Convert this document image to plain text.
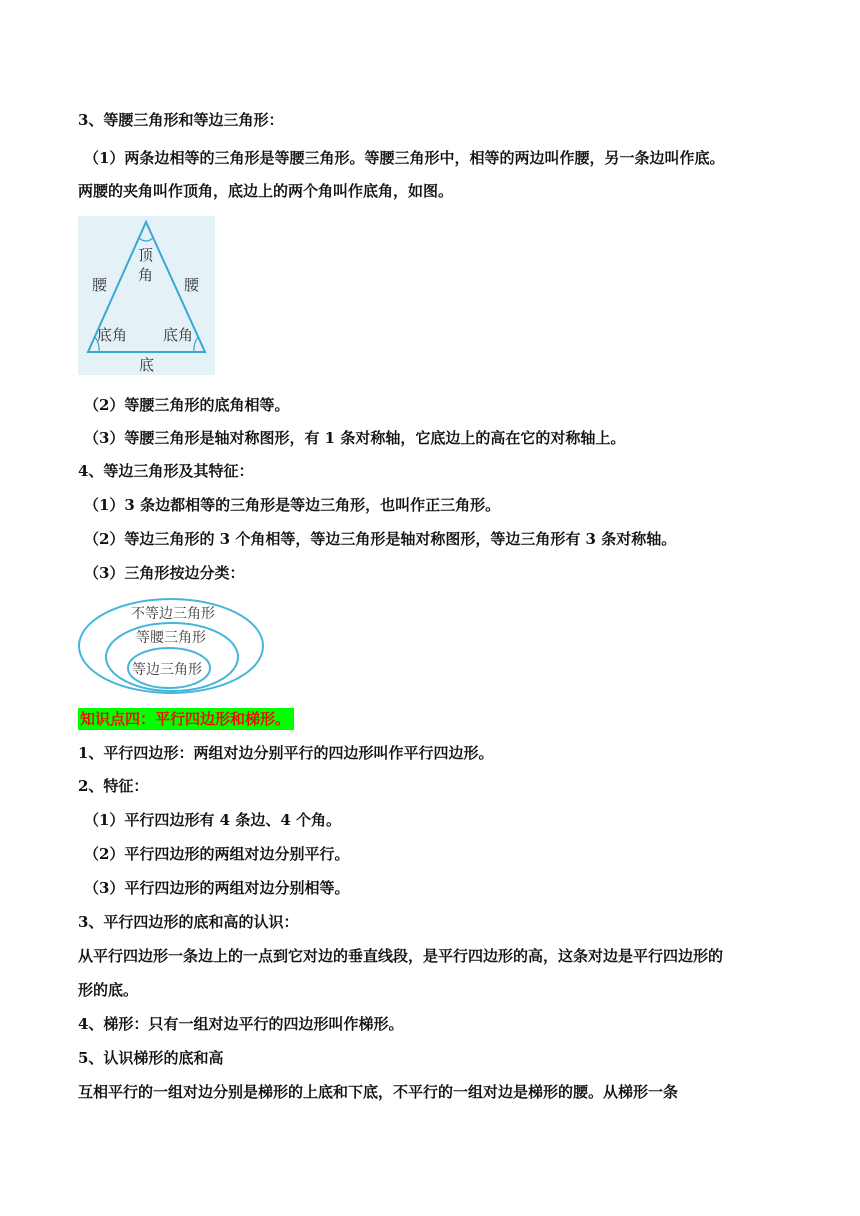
3、等腰三角形和等边三角形：
（1）两条边相等的三角形是等腰三角形。等腰三角形中，相等的两边叫作腰，另一条边叫作底。
两腰的夹角叫作顶角，底边上的两个角叫作底角，如图。
顶
角
腰	腰
底角 底角
底
（2）等腰三角形的底角相等。
（3）等腰三角形是轴对称图形，有 1 条对称轴，它底边上的高在它的对称轴上。
4、等边三角形及其特征：
（1）3 条边都相等的三角形是等边三角形，也叫作正三角形。
（2）等边三角形的 3 个角相等，等边三角形是轴对称图形，等边三角形有 3 条对称轴。
（3）三角形按边分类：
不等边三角形
等腰三角形
等边三角形
知识点四：平行四边形和梯形。
1、平行四边形：两组对边分别平行的四边形叫作平行四边形。
2、特征：
（1）平行四边形有 4 条边、4 个角。
（2）平行四边形的两组对边分别平行。
（3）平行四边形的两组对边分别相等。
3、平行四边形的底和高的认识：
从平行四边形一条边上的一点到它对边的垂直线段，是平行四边形的高，这条对边是平行四边形的
形的底。
4、梯形：只有一组对边平行的四边形叫作梯形。
5、认识梯形的底和高
互相平行的一组对边分别是梯形的上底和下底，不平行的一组对边是梯形的腰。从梯形一条
